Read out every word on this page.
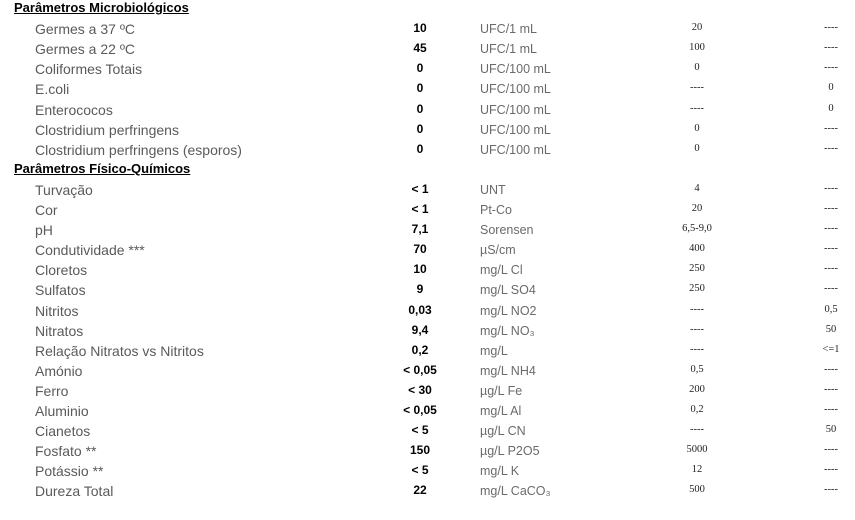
Parâmetros Microbiológicos
Germes a 37 ºC	10	UFC/1 mL	20	----
Germes a 22 ºC	45	UFC/1 mL	100	----
Coliformes Totais	0	UFC/100 mL	0	----
E.coli	0	UFC/100 mL	----	0
Enterococos	0	UFC/100 mL	----	0
Clostridium perfringens	0	UFC/100 mL	0	----
Clostridium perfringens (esporos)	0	UFC/100 mL	0	----
Parâmetros Físico-Químicos
Turvação	< 1	UNT	4	----
Cor	< 1	Pt-Co	20	----
pH	7,1	Sorensen	6,5-9,0	----
Condutividade ***	70	µS/cm	400	----
Cloretos	10	mg/L Cl	250	----
Sulfatos	9	mg/L SO4	250	----
Nitritos	0,03	mg/L NO2	----	0,5
Nitratos	9,4	mg/L NO₃	----	50
Relação Nitratos vs Nitritos	0,2	mg/L	----	<=1
Amónio	< 0,05	mg/L NH4	0,5	----
Ferro	< 30	µg/L Fe	200	----
Aluminio	< 0,05	mg/L Al	0,2	----
Cianetos	< 5	µg/L CN	----	50
Fosfato **	150	µg/L P2O5	5000	----
Potássio **	< 5	mg/L K	12	----
Dureza Total	22	mg/L CaCO₃	500	----
